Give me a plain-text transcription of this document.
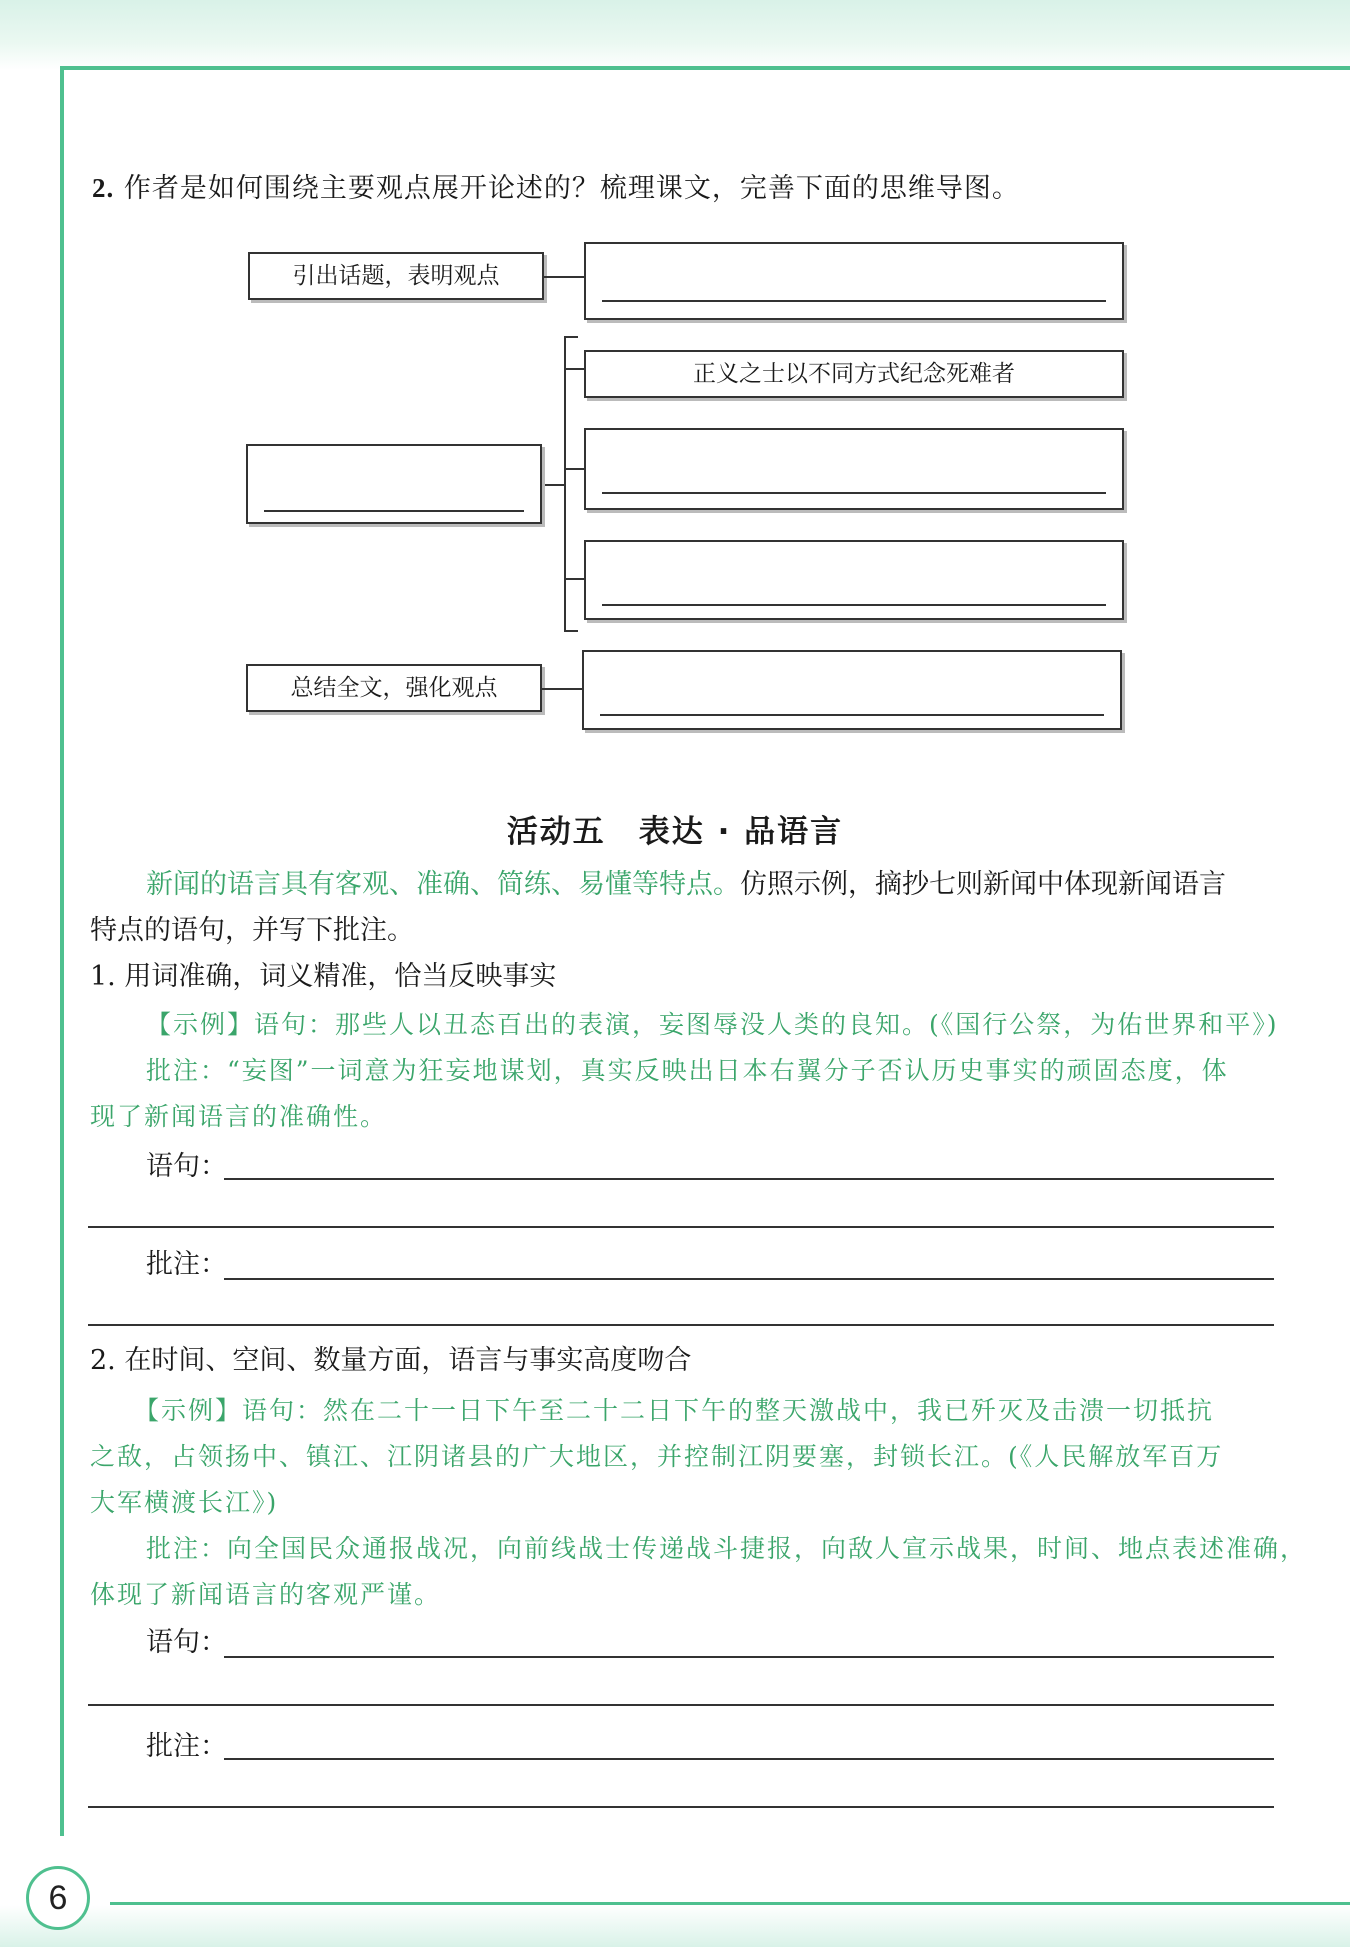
6
2. 作者是如何围绕主要观点展开论述的？梳理课文，完善下面的思维导图。
引出话题，表明观点
正义之士以不同方式纪念死难者
总结全文，强化观点
活动五　表达 · 品语言
新闻的语言具有客观、准确、简练、易懂等特点。仿照示例，摘抄七则新闻中体现新闻语言
特点的语句，并写下批注。
1. 用词准确，词义精准，恰当反映事实
【示例】语句：那些人以丑态百出的表演，妄图辱没人类的良知。(《国行公祭，为佑世界和平》)
批注：“妄图”一词意为狂妄地谋划，真实反映出日本右翼分子否认历史事实的顽固态度，体
现了新闻语言的准确性。
语句：
批注：
2. 在时间、空间、数量方面，语言与事实高度吻合
【示例】语句：然在二十一日下午至二十二日下午的整天激战中，我已歼灭及击溃一切抵抗
之敌，占领扬中、镇江、江阴诸县的广大地区，并控制江阴要塞，封锁长江。(《人民解放军百万
大军横渡长江》)
批注：向全国民众通报战况，向前线战士传递战斗捷报，向敌人宣示战果，时间、地点表述准确，
体现了新闻语言的客观严谨。
语句：
批注：
